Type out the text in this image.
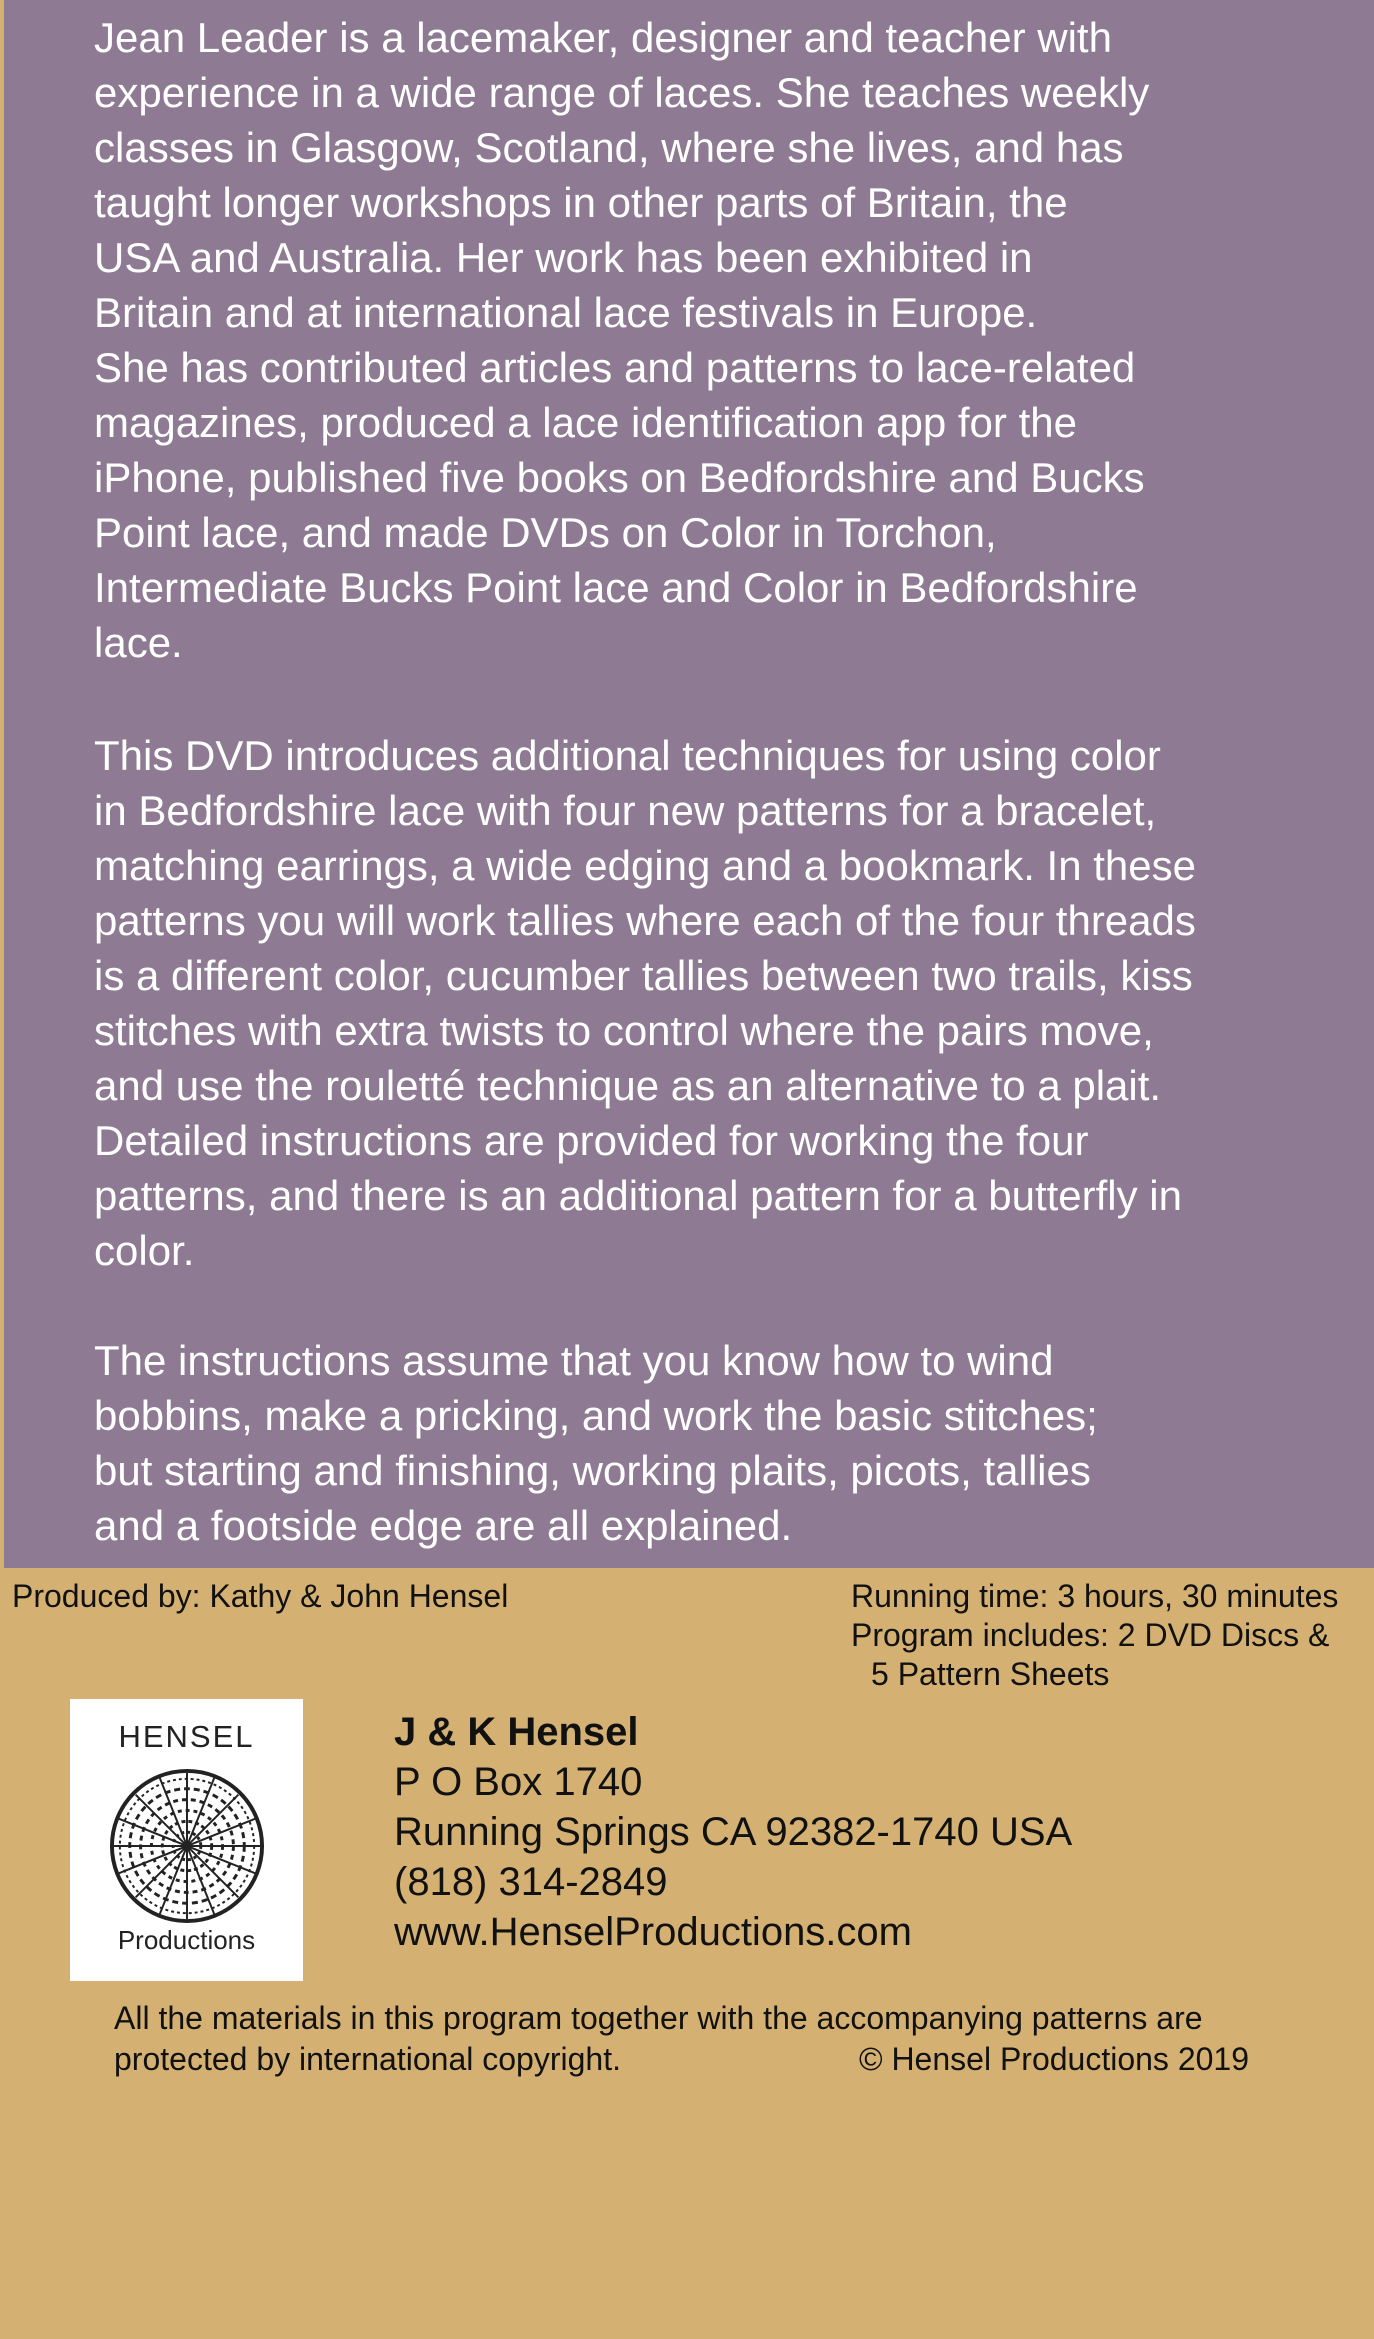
Jean Leader is a lacemaker, designer and teacher with
experience in a wide range of laces. She teaches weekly
classes in Glasgow, Scotland, where she lives, and has
taught longer workshops in other parts of Britain, the
USA and Australia. Her work has been exhibited in
Britain and at international lace festivals in Europe.
She has contributed articles and patterns to lace-related
magazines, produced a lace identification app for the
iPhone, published five books on Bedfordshire and Bucks
Point lace, and made DVDs on Color in Torchon,
Intermediate Bucks Point lace and Color in Bedfordshire
lace.
This DVD introduces additional techniques for using color
in Bedfordshire lace with four new patterns for a bracelet,
matching earrings, a wide edging and a bookmark. In these
patterns you will work tallies where each of the four threads
is a different color, cucumber tallies between two trails, kiss
stitches with extra twists to control where the pairs move,
and use the rouletté technique as an alternative to a plait.
Detailed instructions are provided for working the four
patterns, and there is an additional pattern for a butterfly in
color.
The instructions assume that you know how to wind
bobbins, make a pricking, and work the basic stitches;
but starting and finishing, working plaits, picots, tallies
and a footside edge are all explained.
Produced by: Kathy & John Hensel	Running time: 3 hours, 30 minutes
Program includes: 2 DVD Discs &
5 Pattern Sheets
HENSEL
Productions
J & K Hensel
P O Box 1740
Running Springs CA 92382-1740 USA
(818) 314-2849
www.HenselProductions.com
All the materials in this program together with the accompanying patterns are
protected by international copyright.	© Hensel Productions 2019
